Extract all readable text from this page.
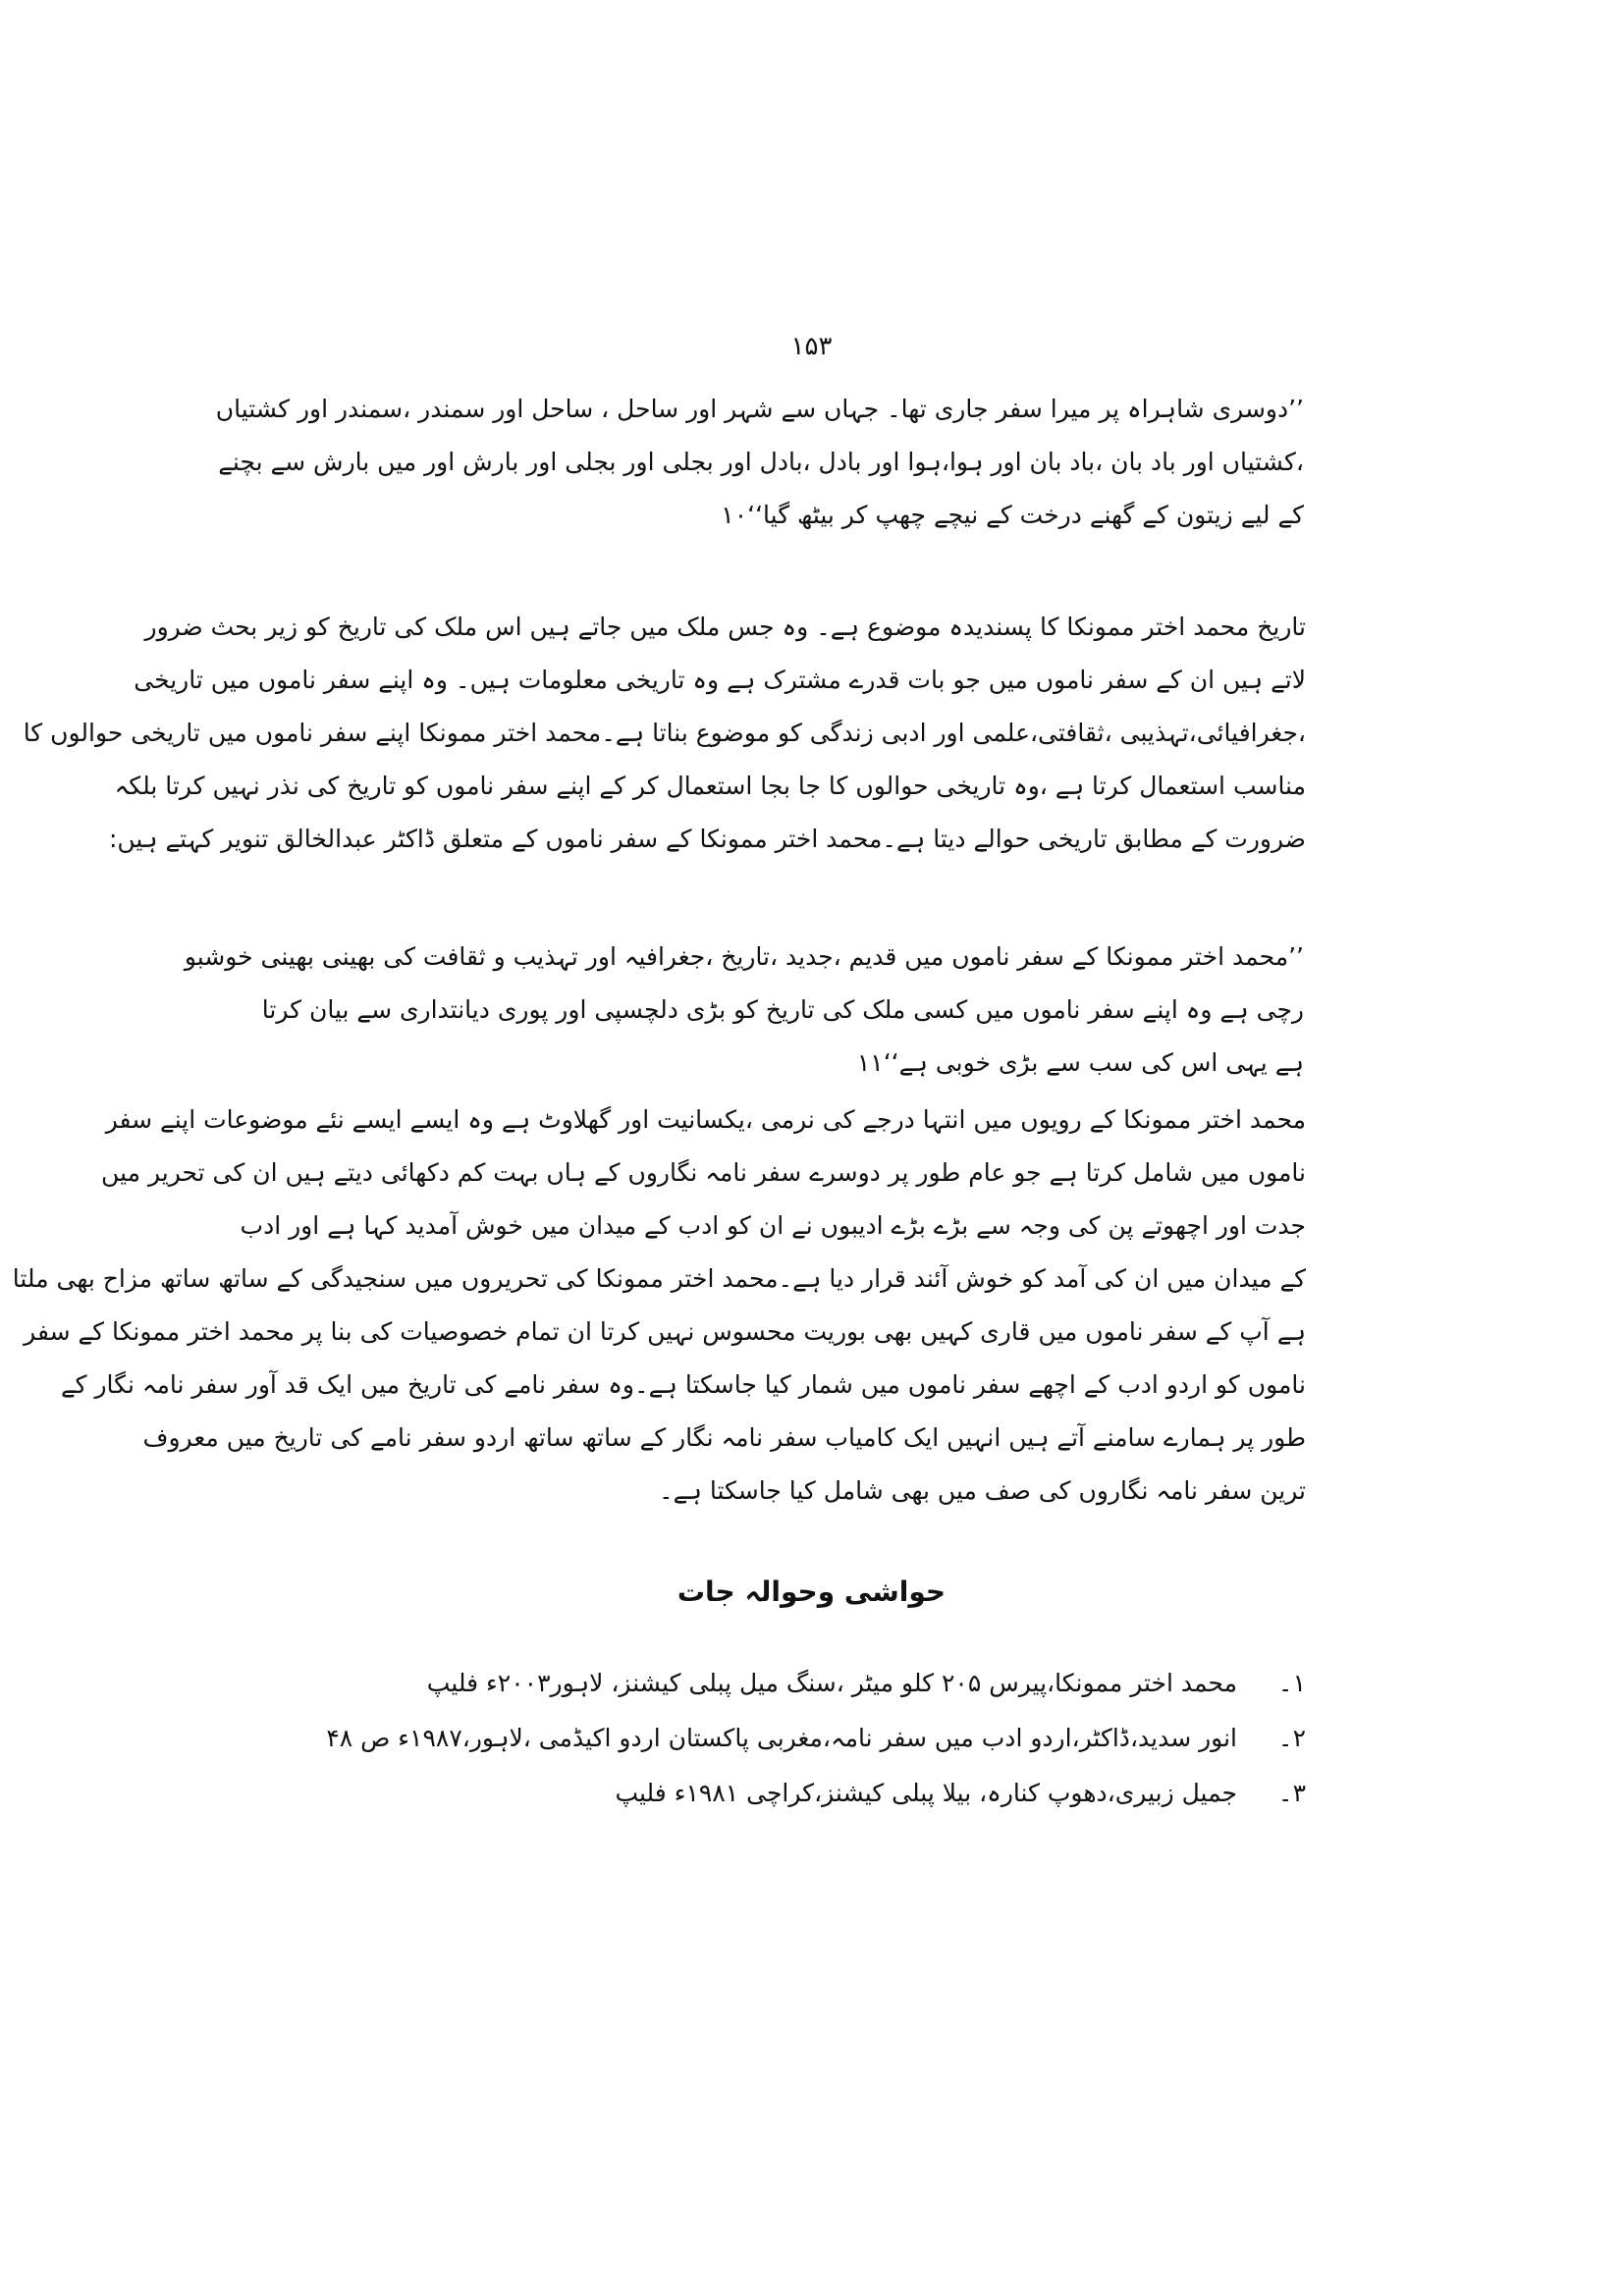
۱۵۳
’’دوسری شاہراہ پر میرا سفر جاری تھا۔ جہاں سے شہر اور ساحل ، ساحل اور سمندر ،سمندر اور کشتیاں
،کشتیاں اور باد بان ،باد بان اور ہوا،ہوا اور بادل ،بادل اور بجلی اور بجلی اور بارش اور میں بارش سے بچنے
کے لیے زیتون کے گھنے درخت کے نیچے چھپ کر بیٹھ گیا‘‘۱۰
تاریخ محمد اختر ممونکا کا پسندیدہ موضوع ہے۔ وہ جس ملک میں جاتے ہیں اس ملک کی تاریخ کو زیر بحث ضرور
لاتے ہیں ان کے سفر ناموں میں جو بات قدرے مشترک ہے وہ تاریخی معلومات ہیں۔ وہ اپنے سفر ناموں میں تاریخی
،جغرافیائی،تہذیبی ،ثقافتی،علمی اور ادبی زندگی کو موضوع بناتا ہے۔محمد اختر ممونکا اپنے سفر ناموں میں تاریخی حوالوں کا
مناسب استعمال کرتا ہے ،وہ تاریخی حوالوں کا جا بجا استعمال کر کے اپنے سفر ناموں کو تاریخ کی نذر نہیں کرتا بلکہ
ضرورت کے مطابق تاریخی حوالے دیتا ہے۔محمد اختر ممونکا کے سفر ناموں کے متعلق ڈاکٹر عبدالخالق تنویر کہتے ہیں:
’’محمد اختر ممونکا کے سفر ناموں میں قدیم ،جدید ،تاریخ ،جغرافیہ اور تہذیب و ثقافت کی بھینی بھینی خوشبو
رچی ہے وہ اپنے سفر ناموں میں کسی ملک کی تاریخ کو بڑی دلچسپی اور پوری دیانتداری سے بیان کرتا
ہے یہی اس کی سب سے بڑی خوبی ہے‘‘۱۱
محمد اختر ممونکا کے رویوں میں انتہا درجے کی نرمی ،یکسانیت اور گھلاوٹ ہے وہ ایسے ایسے نئے موضوعات اپنے سفر
ناموں میں شامل کرتا ہے جو عام طور پر دوسرے سفر نامہ نگاروں کے ہاں بہت کم دکھائی دیتے ہیں ان کی تحریر میں
جدت اور اچھوتے پن کی وجہ سے بڑے بڑے ادیبوں نے ان کو ادب کے میدان میں خوش آمدید کہا ہے اور ادب
کے میدان میں ان کی آمد کو خوش آئند قرار دیا ہے۔محمد اختر ممونکا کی تحریروں میں سنجیدگی کے ساتھ ساتھ مزاح بھی ملتا
ہے آپ کے سفر ناموں میں قاری کہیں بھی بوریت محسوس نہیں کرتا ان تمام خصوصیات کی بنا پر محمد اختر ممونکا کے سفر
ناموں کو اردو ادب کے اچھے سفر ناموں میں شمار کیا جاسکتا ہے۔وہ سفر نامے کی تاریخ میں ایک قد آور سفر نامہ نگار کے
طور پر ہمارے سامنے آتے ہیں انہیں ایک کامیاب سفر نامہ نگار کے ساتھ ساتھ اردو سفر نامے کی تاریخ میں معروف
ترین سفر نامہ نگاروں کی صف میں بھی شامل کیا جاسکتا ہے۔
حواشی وحوالہ جات
۱۔
محمد اختر ممونکا،پیرس ۲۰۵ کلو میٹر ،سنگ میل پبلی کیشنز، لاہور۲۰۰۳ء فلیپ
۲۔
انور سدید،ڈاکٹر،اردو ادب میں سفر نامہ،مغربی پاکستان اردو اکیڈمی ،لاہور،۱۹۸۷ء ص ۴۸
۳۔
جمیل زبیری،دھوپ کنارہ، بیلا پبلی کیشنز،کراچی ۱۹۸۱ء فلیپ
